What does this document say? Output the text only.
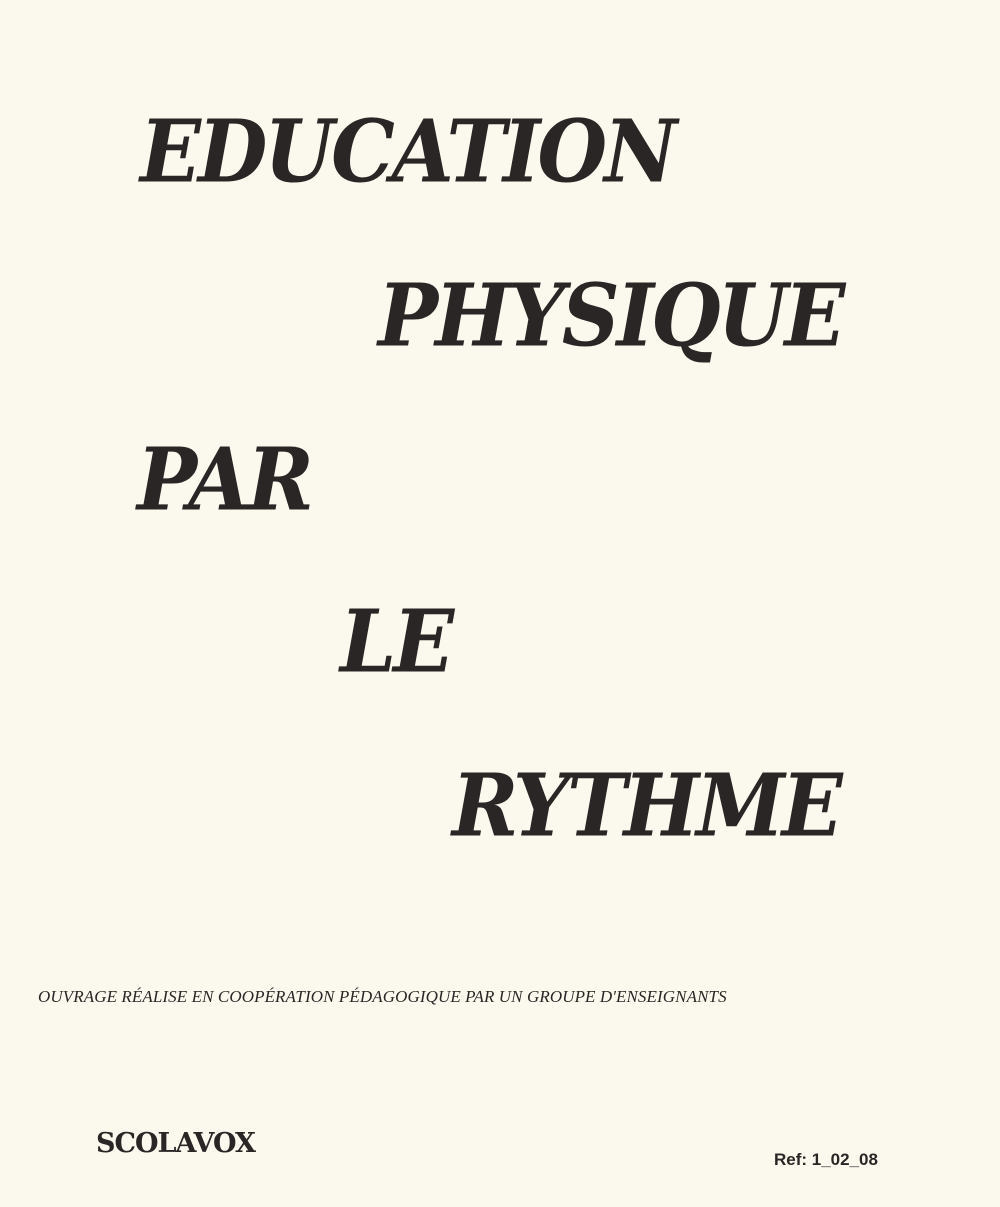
EDUCATION
PHYSIQUE
PAR
LE
RYTHME
OUVRAGE RÉALISE EN COOPÉRATION PÉDAGOGIQUE PAR UN GROUPE D'ENSEIGNANTS
SCOLAVOX
Ref: 1_02_08
